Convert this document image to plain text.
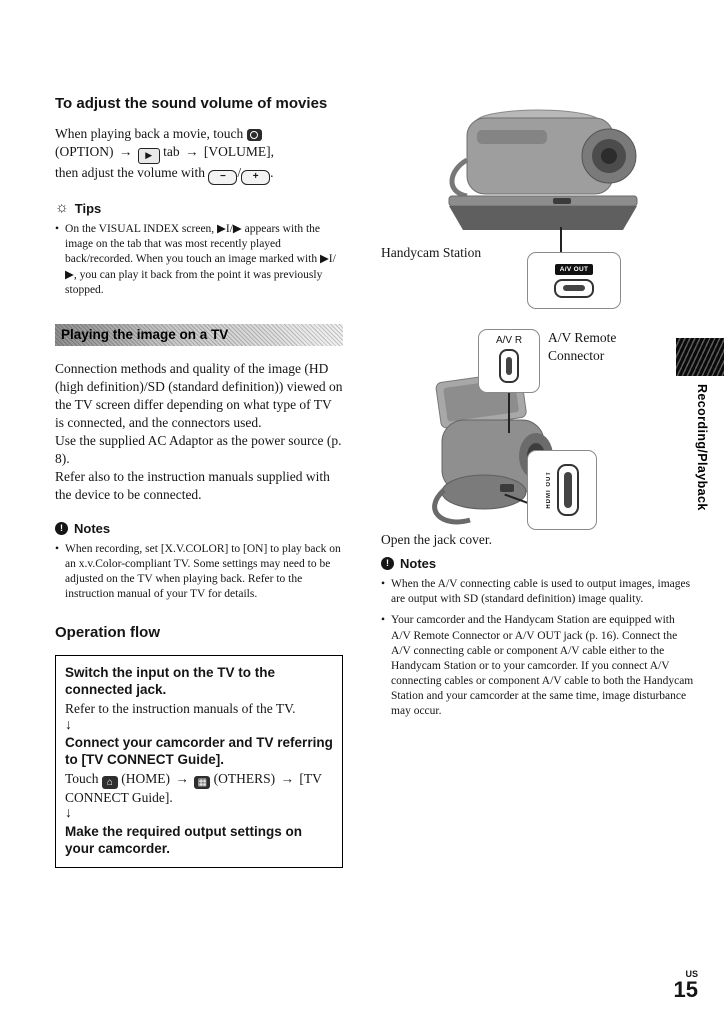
To adjust the sound volume of movies
When playing back a movie, touch
(OPTION) → ▶ tab → [VOLUME],
then adjust the volume with − / + .
☼ Tips
• On the VISUAL INDEX screen, ▶I/▶ appears with the image on the tab that was most recently played back/recorded. When you touch an image marked with ▶I/▶, you can play it back from the point it was previously stopped.
Playing the image on a TV
Connection methods and quality of the image (HD (high definition)/SD (standard definition)) viewed on the TV screen differ depending on what type of TV is connected, and the connectors used.
Use the supplied AC Adaptor as the power source (p. 8).
Refer also to the instruction manuals supplied with the device to be connected.
! Notes
• When recording, set [X.V.COLOR] to [ON] to play back on an x.v.Color-compliant TV. Some settings may need to be adjusted on the TV when playing back. Refer to the instruction manual of your TV for details.
Operation flow
Switch the input on the TV to the connected jack.
Refer to the instruction manuals of the TV.
↓
Connect your camcorder and TV referring to [TV CONNECT Guide].
Touch ⌂ (HOME) → ▦ (OTHERS) → [TV CONNECT Guide].
↓
Make the required output settings on your camcorder.
Handycam Station
A/V OUT
A/V R	A/V Remote
Connector
HDMI OUT
Open the jack cover.
! Notes
• When the A/V connecting cable is used to output images, images are output with SD (standard definition) image quality.
• Your camcorder and the Handycam Station are equipped with A/V Remote Connector or A/V OUT jack (p. 16). Connect the A/V connecting cable or component A/V cable either to the Handycam Station or to your camcorder. If you connect A/V connecting cables or component A/V cable to both the Handycam Station and your camcorder at the same time, image disturbance may occur.
Recording/Playback
US
15
